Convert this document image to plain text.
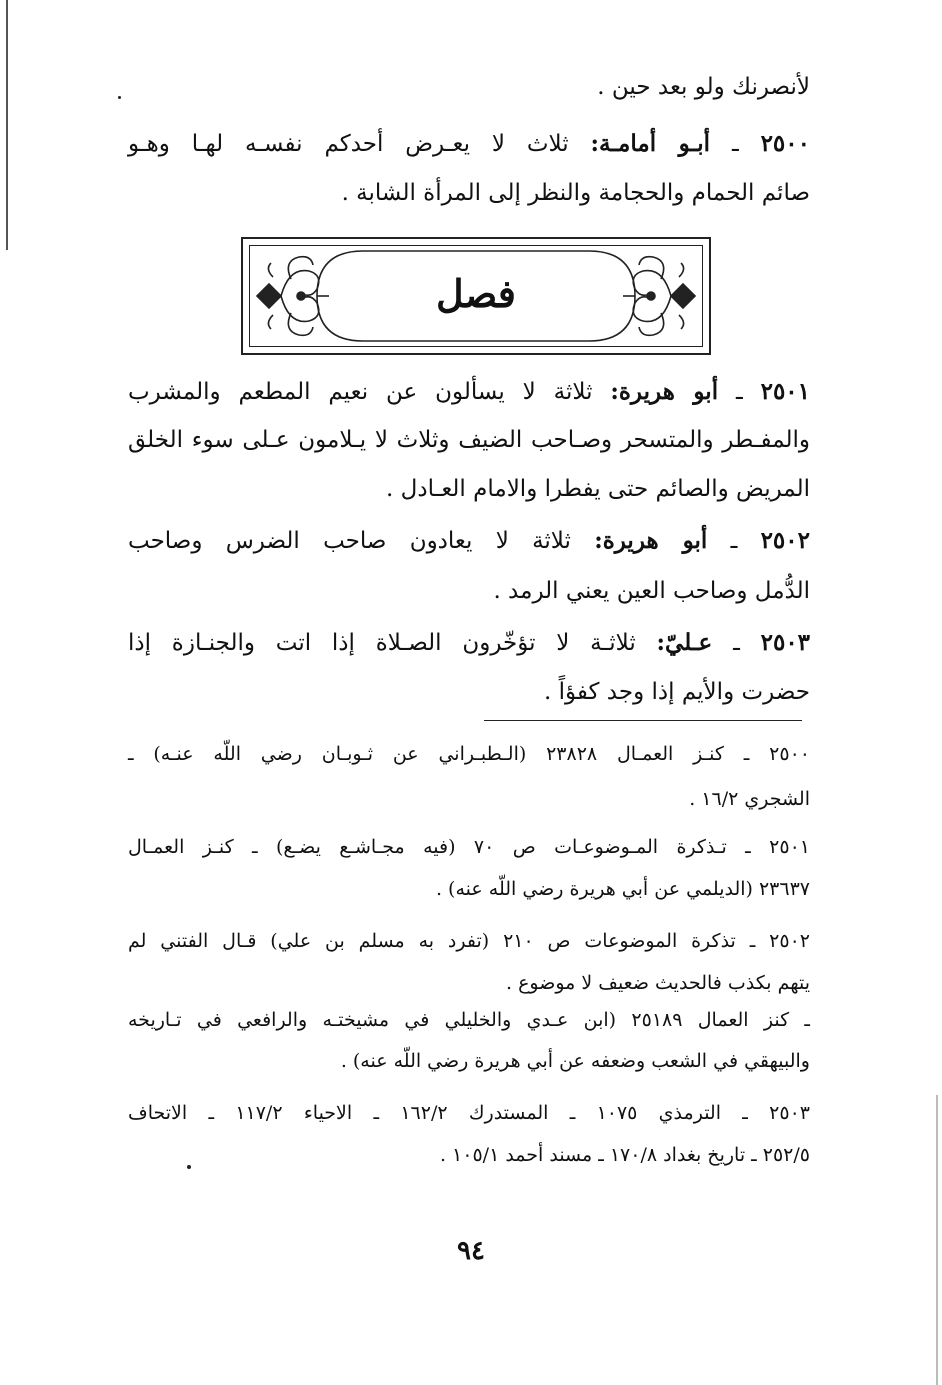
لأنصرنك ولو بعد حين .
٢٥٠٠ ـ أبـو أمامـة: ثلاث لا يعـرض أحدكم نفسـه لهـا وهـو
صائم الحمام والحجامة والنظر إلى المرأة الشابة .
٢٥٠١ ـ أبو هريرة: ثلاثة لا يسألون عن نعيم المطعم والمشرب
والمفـطر والمتسحر وصـاحب الضيف وثلاث لا يـلامون عـلى سوء الخلق
المريض والصائم حتى يفطرا والامام العـادل .
٢٥٠٢ ـ أبو هريرة: ثلاثة لا يعادون صاحب الضرس وصاحب
الدُّمل وصاحب العين يعني الرمد .
٢٥٠٣ ـ عـليّ: ثلاثـة لا تؤخّرون الصـلاة إذا اتت والجنـازة إذا
حضرت والأيم إذا وجد كفؤاً .
٢٥٠٠ ـ كنـز العمـال ٢٣٨٢٨ (الـطبـراني عن ثـوبـان رضي اللّه عنـه) ـ
الشجري ١٦/٢ .
٢٥٠١ ـ تـذكرة المـوضوعـات ص ٧٠ (فيه مجـاشـع يضـع) ـ كنـز العمـال
٢٣٦٣٧ (الديلمي عن أبي هريرة رضي اللّه عنه) .
٢٥٠٢ ـ تذكرة الموضوعات ص ٢١٠ (تفرد به مسلم بن علي) قـال الفتني لم
يتهم بكذب فالحديث ضعيف لا موضوع .
ـ كنز العمال ٢٥١٨٩ (ابن عـدي والخليلي في مشيختـه والرافعي في تـاريخه
والبيهقي في الشعب وضعفه عن أبي هريرة رضي اللّه عنه) .
٢٥٠٣ ـ الترمذي ١٠٧٥ ـ المستدرك ١٦٢/٢ ـ الاحياء ١١٧/٢ ـ الاتحاف
٢٥٢/٥ ـ تاريخ بغداد ١٧٠/٨ ـ مسند أحمد ١٠٥/١ .
فصل
٩٤
